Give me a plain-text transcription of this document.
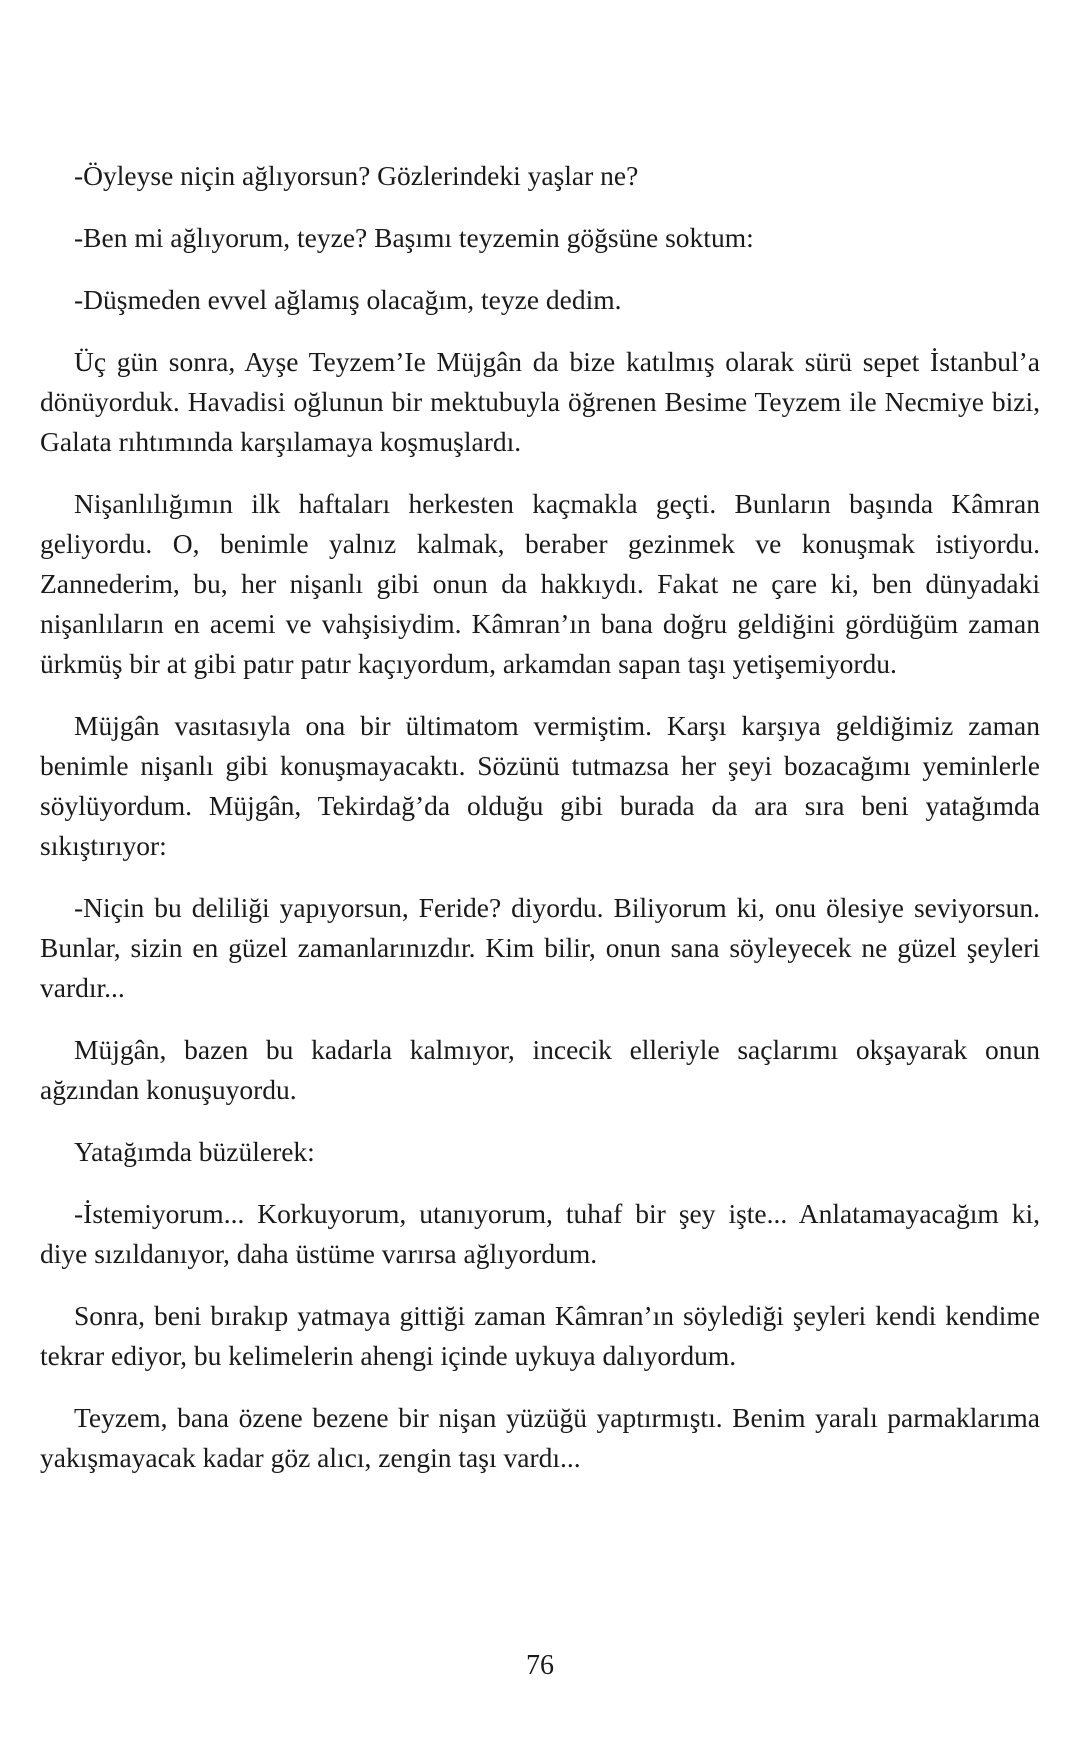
-Öyleyse niçin ağlıyorsun? Gözlerindeki yaşlar ne?

-Ben mi ağlıyorum, teyze? Başımı teyzemin göğsüne soktum:

-Düşmeden evvel ağlamış olacağım, teyze dedim.

Üç gün sonra, Ayşe Teyzem’Ie Müjgân da bize katılmış olarak sürü sepet İstanbul’a dönüyorduk. Havadisi oğlunun bir mektubuyla öğrenen Besime Teyzem ile Necmiye bizi, Galata rıhtımında karşılamaya koşmuşlardı.

Nişanlılığımın ilk haftaları herkesten kaçmakla geçti. Bunların başında Kâmran geliyordu. O, benimle yalnız kalmak, beraber gezinmek ve konuşmak istiyordu. Zannederim, bu, her nişanlı gibi onun da hakkıydı. Fakat ne çare ki, ben dünyadaki nişanlıların en acemi ve vahşisiydim. Kâmran’ın bana doğru geldiğini gördüğüm zaman ürkmüş bir at gibi patır patır kaçıyordum, arkamdan sapan taşı yetişemiyordu.

Müjgân vasıtasıyla ona bir ültimatom vermiştim. Karşı karşıya geldiğimiz zaman benimle nişanlı gibi konuşmayacaktı. Sözünü tutmazsa her şeyi bozacağımı yeminlerle söylüyordum. Müjgân, Tekirdağ’da olduğu gibi burada da ara sıra beni yatağımda sıkıştırıyor:

-Niçin bu deliliği yapıyorsun, Feride? diyordu. Biliyorum ki, onu ölesiye seviyorsun. Bunlar, sizin en güzel zamanlarınızdır. Kim bilir, onun sana söyleyecek ne güzel şeyleri vardır...

Müjgân, bazen bu kadarla kalmıyor, incecik elleriyle saçlarımı okşayarak onun ağzından konuşuyordu.

Yatağımda büzülerek:

-İstemiyorum... Korkuyorum, utanıyorum, tuhaf bir şey işte... Anlatamayacağım ki, diye sızıldanıyor, daha üstüme varırsa ağlıyordum.

Sonra, beni bırakıp yatmaya gittiği zaman Kâmran’ın söylediği şeyleri kendi kendime tekrar ediyor, bu kelimelerin ahengi içinde uykuya dalıyordum.

Teyzem, bana özene bezene bir nişan yüzüğü yaptırmıştı. Benim yaralı parmaklarıma yakışmayacak kadar göz alıcı, zengin taşı vardı...

76
